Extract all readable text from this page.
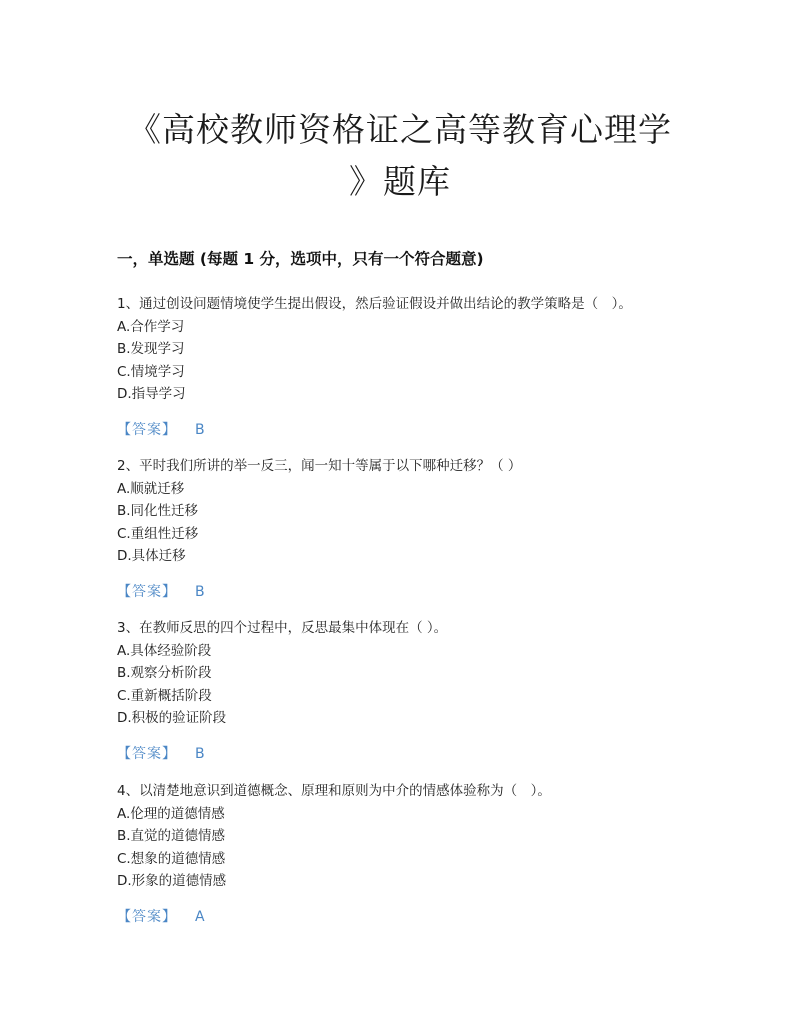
《高校教师资格证之高等教育心理学
》题库
一，单选题 (每题 1 分，选项中，只有一个符合题意)
1、通过创设问题情境使学生提出假设，然后验证假设并做出结论的教学策略是（　）。
A.合作学习
B.发现学习
C.情境学习
D.指导学习
【答案】 B
2、平时我们所讲的举一反三，闻一知十等属于以下哪种迁移？（ ）
A.顺就迁移
B.同化性迁移
C.重组性迁移
D.具体迁移
【答案】 B
3、在教师反思的四个过程中，反思最集中体现在（ ）。
A.具体经验阶段
B.观察分析阶段
C.重新概括阶段
D.积极的验证阶段
【答案】 B
4、以清楚地意识到道德概念、原理和原则为中介的情感体验称为（　）。
A.伦理的道德情感
B.直觉的道德情感
C.想象的道德情感
D.形象的道德情感
【答案】 A
